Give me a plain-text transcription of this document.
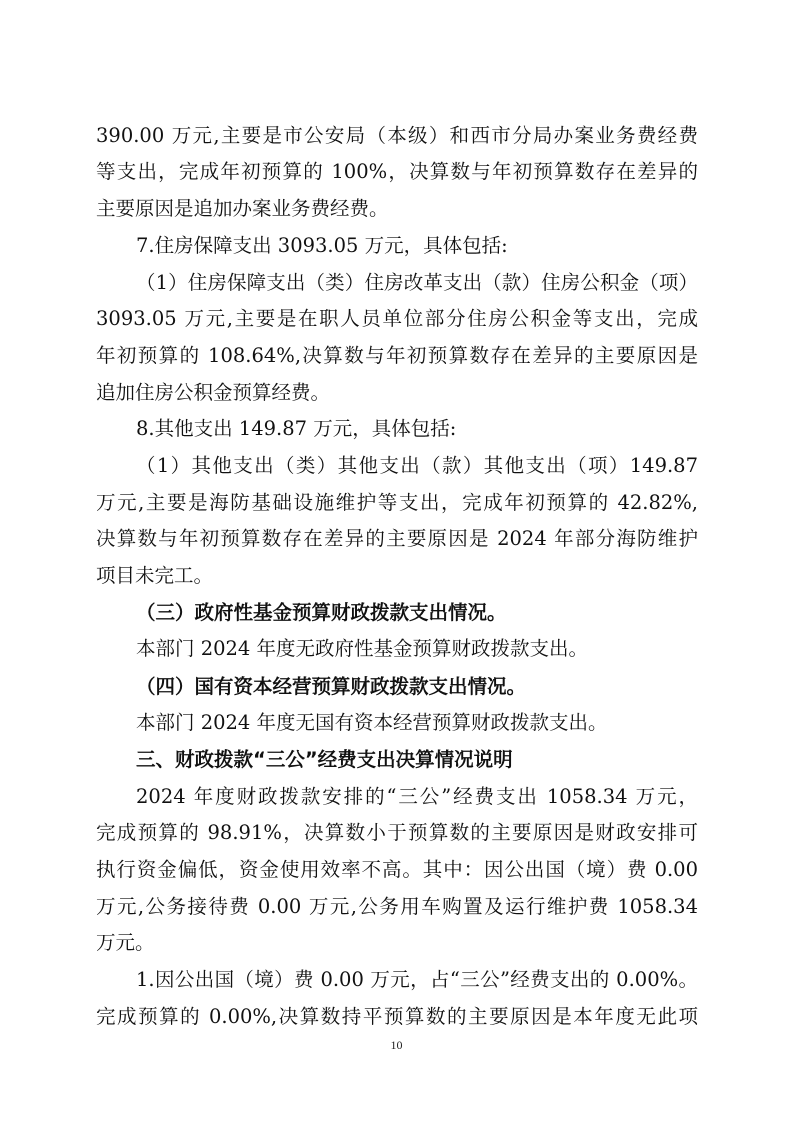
390.00 万元,主要是市公安局（本级）和西市分局办案业务费经费
等支出，完成年初预算的 100%，决算数与年初预算数存在差异的
主要原因是追加办案业务费经费。
7.住房保障支出 3093.05 万元，具体包括:
（1）住房保障支出（类）住房改革支出（款）住房公积金（项）
3093.05 万元,主要是在职人员单位部分住房公积金等支出，完成
年初预算的 108.64%,决算数与年初预算数存在差异的主要原因是
追加住房公积金预算经费。
8.其他支出 149.87 万元，具体包括:
（1）其他支出（类）其他支出（款）其他支出（项）149.87
万元,主要是海防基础设施维护等支出，完成年初预算的 42.82%,
决算数与年初预算数存在差异的主要原因是 2024 年部分海防维护
项目未完工。
（三）政府性基金预算财政拨款支出情况。
本部门 2024 年度无政府性基金预算财政拨款支出。
（四）国有资本经营预算财政拨款支出情况。
本部门 2024 年度无国有资本经营预算财政拨款支出。
三、财政拨款“三公”经费支出决算情况说明
2024 年度财政拨款安排的“三公”经费支出 1058.34 万元，
完成预算的 98.91%，决算数小于预算数的主要原因是财政安排可
执行资金偏低，资金使用效率不高。其中：因公出国（境）费 0.00
万元,公务接待费 0.00 万元,公务用车购置及运行维护费 1058.34
万元。
1.因公出国（境）费 0.00 万元，占“三公”经费支出的 0.00%。
完成预算的 0.00%,决算数持平预算数的主要原因是本年度无此项
10
